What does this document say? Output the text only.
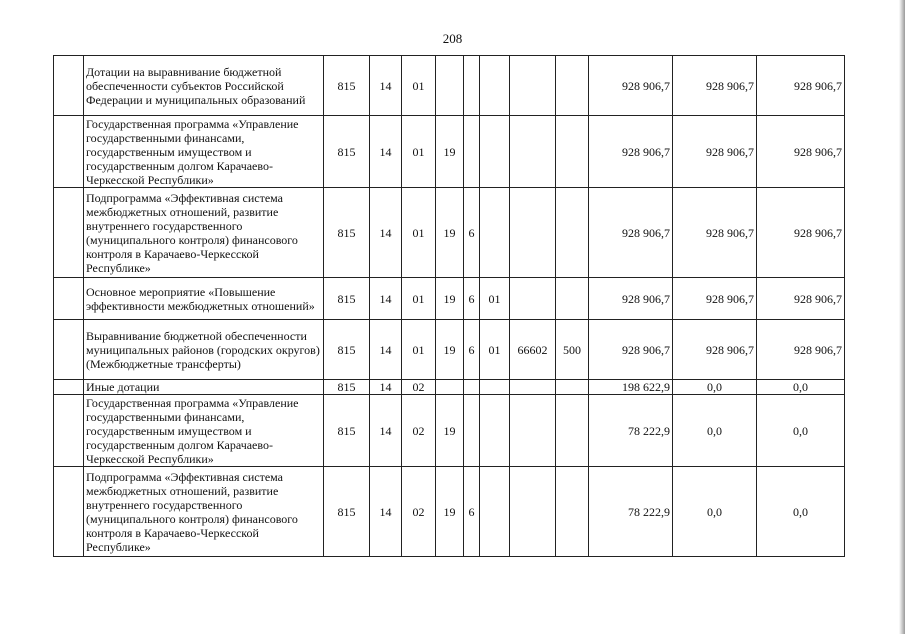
208
	Дотации на выравнивание бюджетной обеспеченности субъектов Российской Федерации и муниципальных образований	815	14	01						928 906,7	928 906,7	928 906,7
	Государственная программа «Управление государственными финансами, государственным имуществом и государственным долгом Карачаево-Черкесской Республики»	815	14	01	19					928 906,7	928 906,7	928 906,7
	Подпрограмма «Эффективная система межбюджетных отношений, развитие внутреннего государственного (муниципального контроля) финансового контроля в Карачаево-Черкесской Республике»	815	14	01	19	6				928 906,7	928 906,7	928 906,7
	Основное мероприятие «Повышение эффективности межбюджетных отношений»	815	14	01	19	6	01			928 906,7	928 906,7	928 906,7
	Выравнивание бюджетной обеспеченности муниципальных районов (городских округов) (Межбюджетные трансферты)	815	14	01	19	6	01	66602	500	928 906,7	928 906,7	928 906,7
	Иные дотации	815	14	02						198 622,9	0,0	0,0
	Государственная программа «Управление государственными финансами, государственным имуществом и государственным долгом Карачаево-Черкесской Республики»	815	14	02	19					78 222,9	0,0	0,0
	Подпрограмма «Эффективная система межбюджетных отношений, развитие внутреннего государственного (муниципального контроля) финансового контроля в Карачаево-Черкесской Республике»	815	14	02	19	6				78 222,9	0,0	0,0
